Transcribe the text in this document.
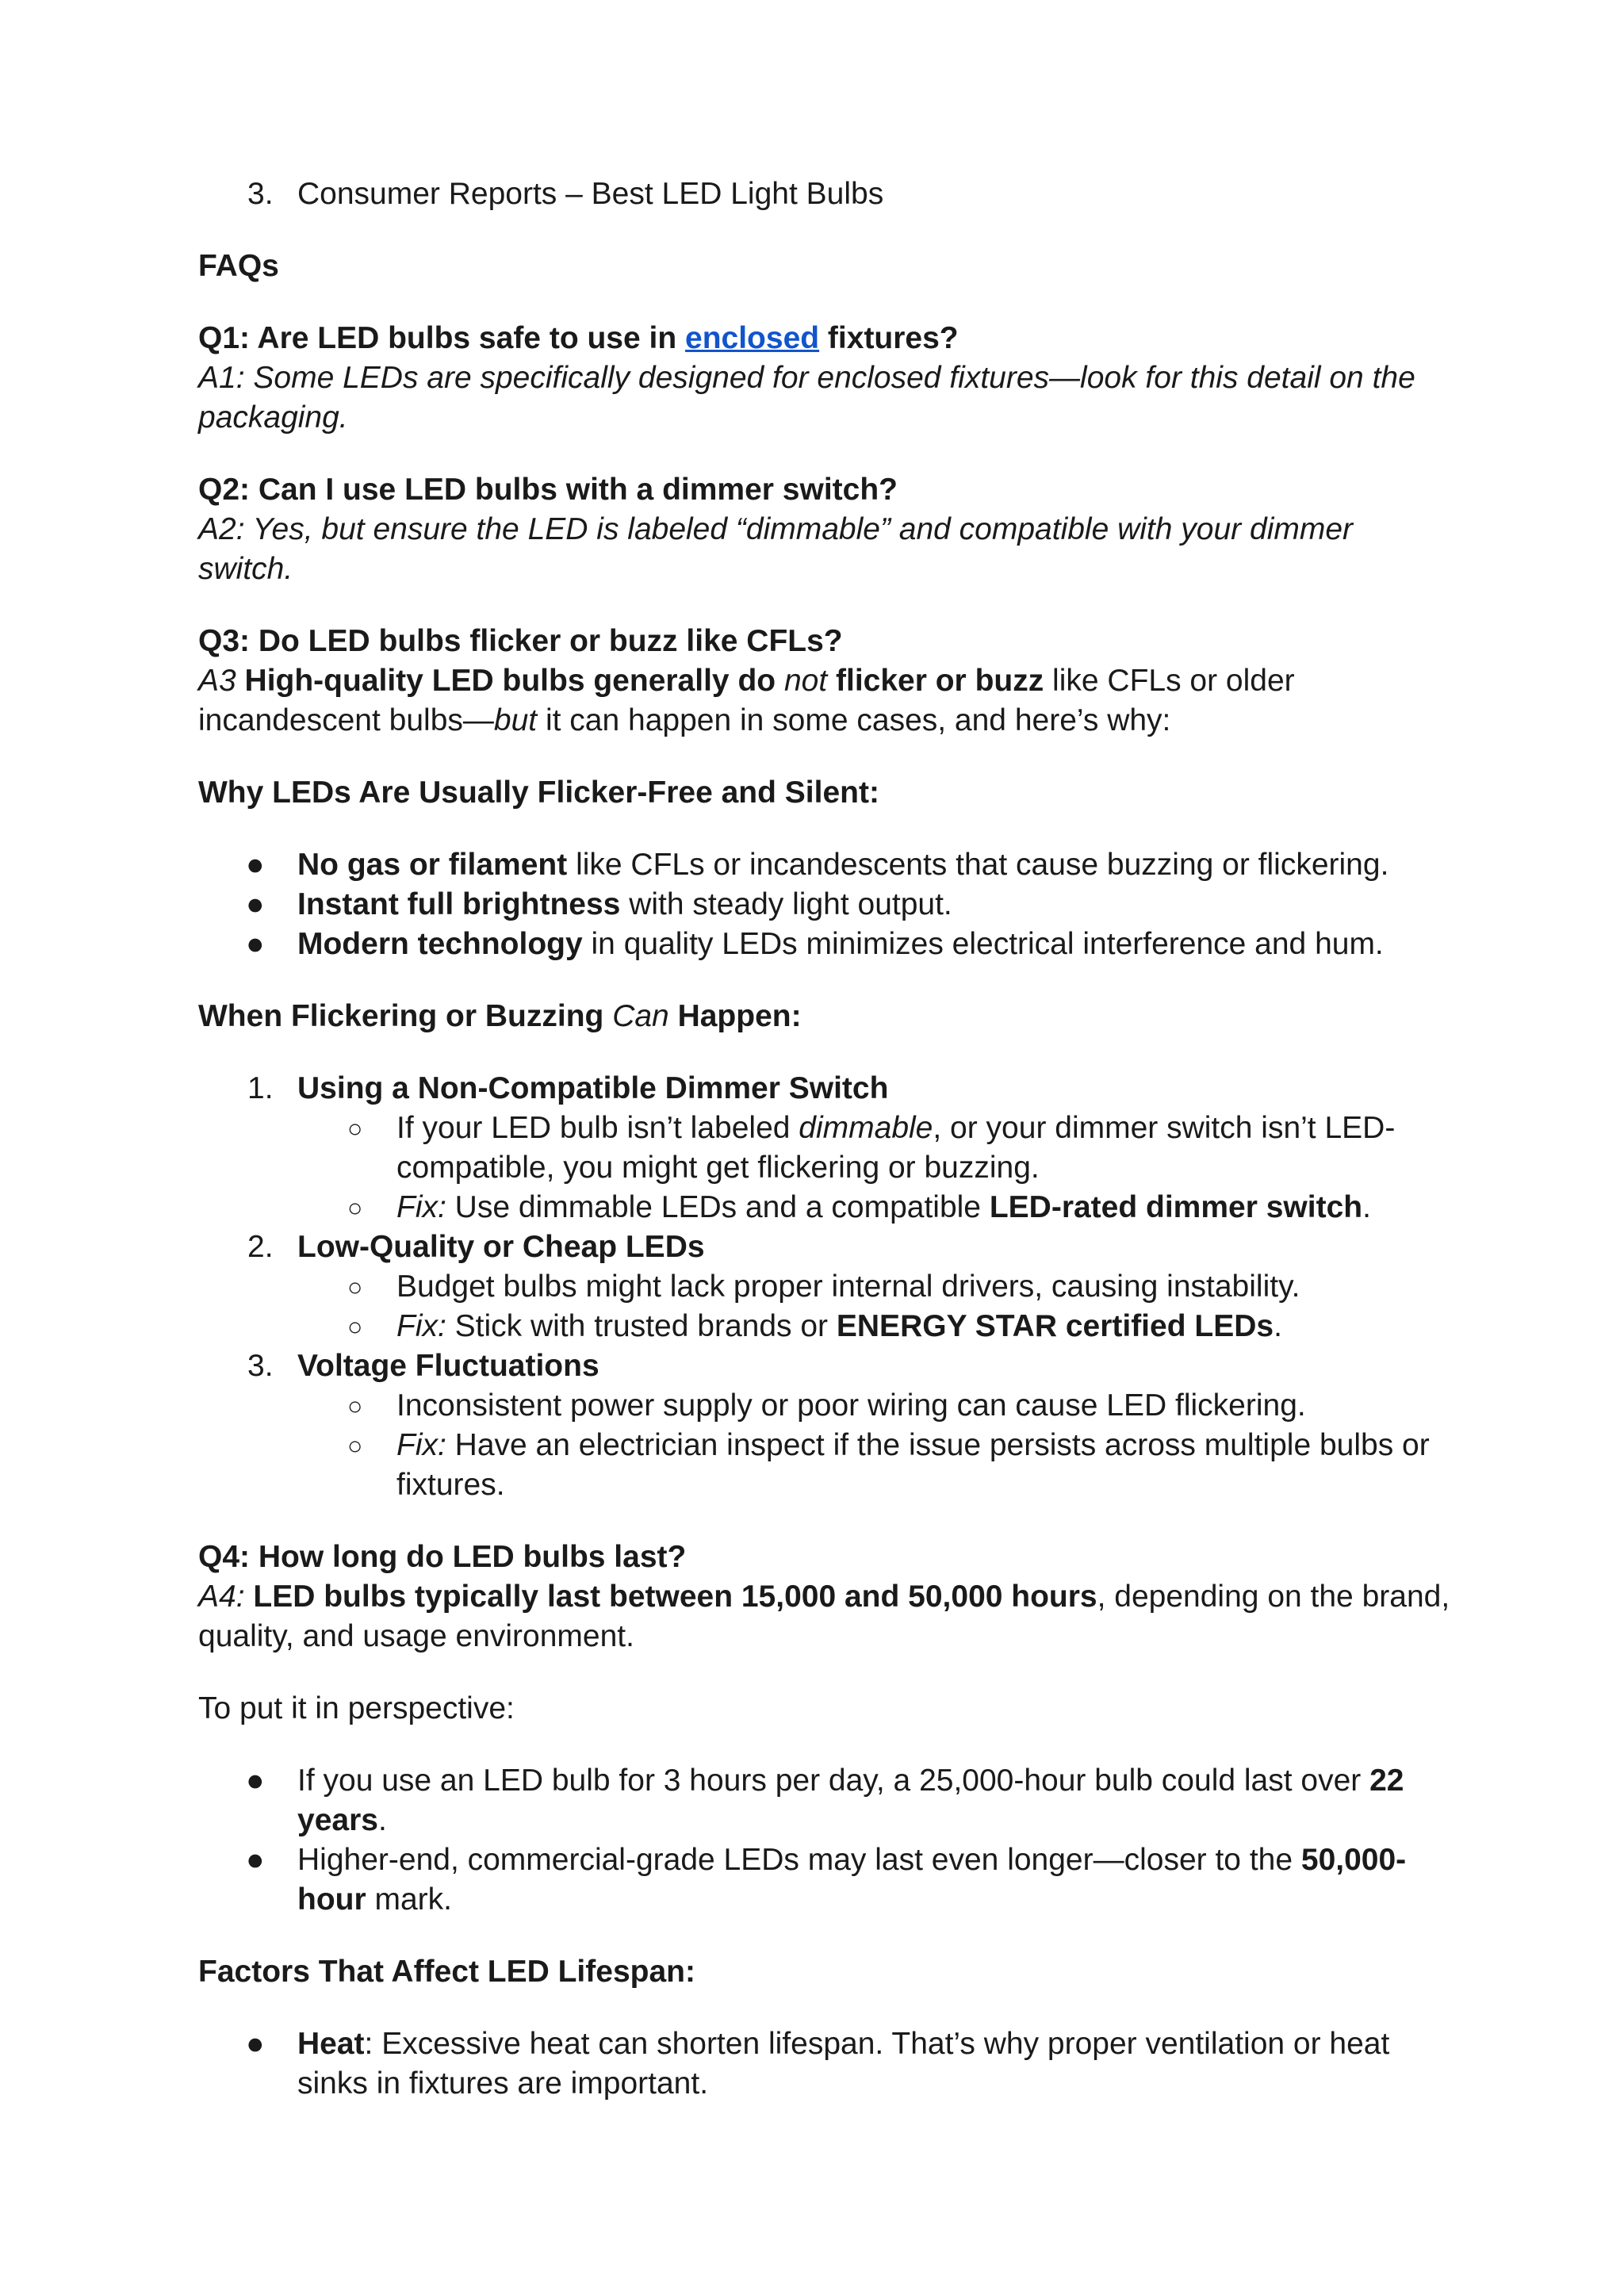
3. Consumer Reports – Best LED Light Bulbs

FAQs

Q1: Are LED bulbs safe to use in enclosed fixtures?

A1: Some LEDs are specifically designed for enclosed fixtures—look for this detail on the packaging.

Q2: Can I use LED bulbs with a dimmer switch?

A2: Yes, but ensure the LED is labeled “dimmable” and compatible with your dimmer switch.

Q3: Do LED bulbs flicker or buzz like CFLs?

A3 High-quality LED bulbs generally do not flicker or buzz like CFLs or older incandescent bulbs—but it can happen in some cases, and here’s why:

Why LEDs Are Usually Flicker-Free and Silent:

● No gas or filament like CFLs or incandescents that cause buzzing or flickering.

● Instant full brightness with steady light output.

● Modern technology in quality LEDs minimizes electrical interference and hum.

When Flickering or Buzzing Can Happen:

1. Using a Non-Compatible Dimmer Switch

○ If your LED bulb isn’t labeled dimmable, or your dimmer switch isn’t LED-compatible, you might get flickering or buzzing.

○ Fix: Use dimmable LEDs and a compatible LED-rated dimmer switch.

2. Low-Quality or Cheap LEDs

○ Budget bulbs might lack proper internal drivers, causing instability.

○ Fix: Stick with trusted brands or ENERGY STAR certified LEDs.

3. Voltage Fluctuations

○ Inconsistent power supply or poor wiring can cause LED flickering.

○ Fix: Have an electrician inspect if the issue persists across multiple bulbs or fixtures.

Q4: How long do LED bulbs last?

A4: LED bulbs typically last between 15,000 and 50,000 hours, depending on the brand, quality, and usage environment.

To put it in perspective:

● If you use an LED bulb for 3 hours per day, a 25,000-hour bulb could last over 22 years.

● Higher-end, commercial-grade LEDs may last even longer—closer to the 50,000-hour mark.

Factors That Affect LED Lifespan:

● Heat: Excessive heat can shorten lifespan. That’s why proper ventilation or heat sinks in fixtures are important.
